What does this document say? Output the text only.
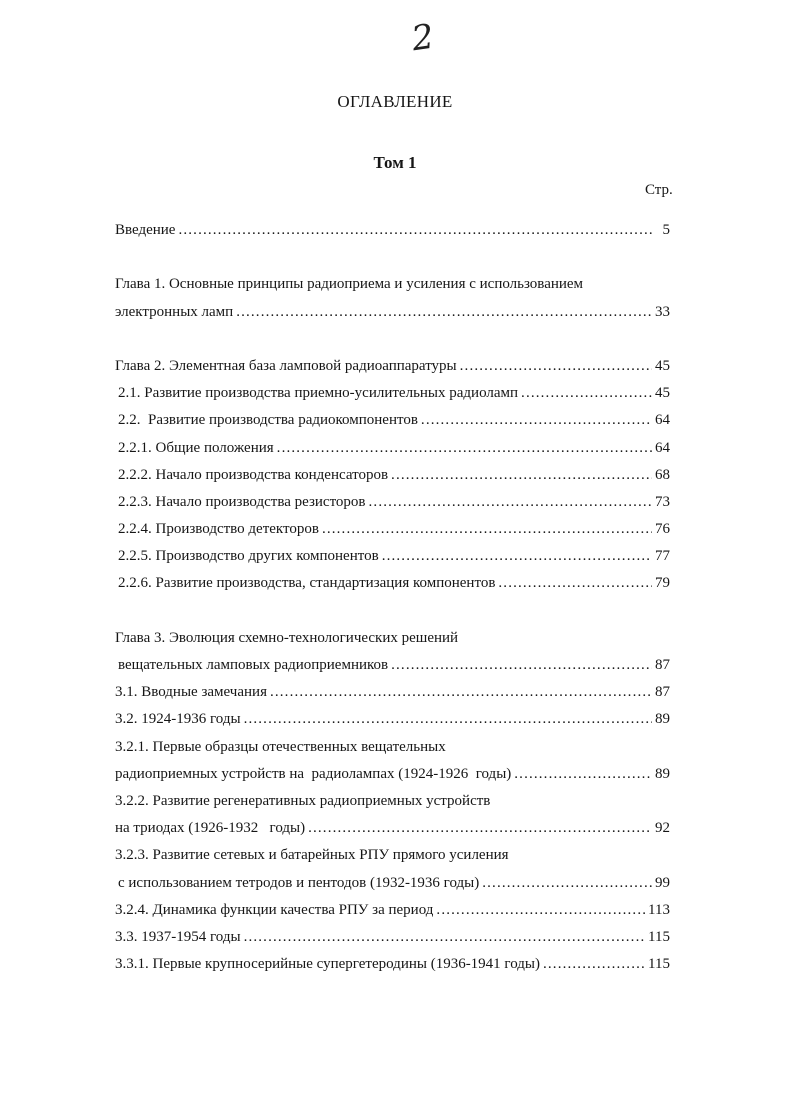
2
ОГЛАВЛЕНИЕ
Том 1
Стр.
Введение . . .	5
Глава 1. Основные принципы радиоприема и усиления с использованием
электронных ламп . . .	33
Глава 2. Элементная база ламповой радиоаппаратуры . . .	45
2.1. Развитие производства приемно-усилительных радиоламп . . .	45
2.2.  Развитие производства радиокомпонентов . . .	64
2.2.1. Общие положения . . .	64
2.2.2. Начало производства конденсаторов . . .	68
2.2.3. Начало производства резисторов . . .	73
2.2.4. Производство детекторов . . .	76
2.2.5. Производство других компонентов . . .	77
2.2.6. Развитие производства, стандартизация компонентов . . .	79
Глава 3. Эволюция схемно-технологических решений
вещательных ламповых радиоприемников . . .	87
3.1. Вводные замечания . . .	87
3.2. 1924-1936 годы . . .	89
3.2.1. Первые образцы отечественных вещательных
радиоприемных устройств на  радиолампах (1924-1926  годы) . . .	89
3.2.2. Развитие регенеративных радиоприемных устройств
на триодах (1926-1932   годы) . . .	92
3.2.3. Развитие сетевых и батарейных РПУ прямого усиления
с использованием тетродов и пентодов (1932-1936 годы) . . .	99
3.2.4. Динамика функции качества РПУ за период . . .	113
3.3. 1937-1954 годы . . .	115
3.3.1. Первые крупносерийные супергетеродины (1936-1941 годы) . . .	115
